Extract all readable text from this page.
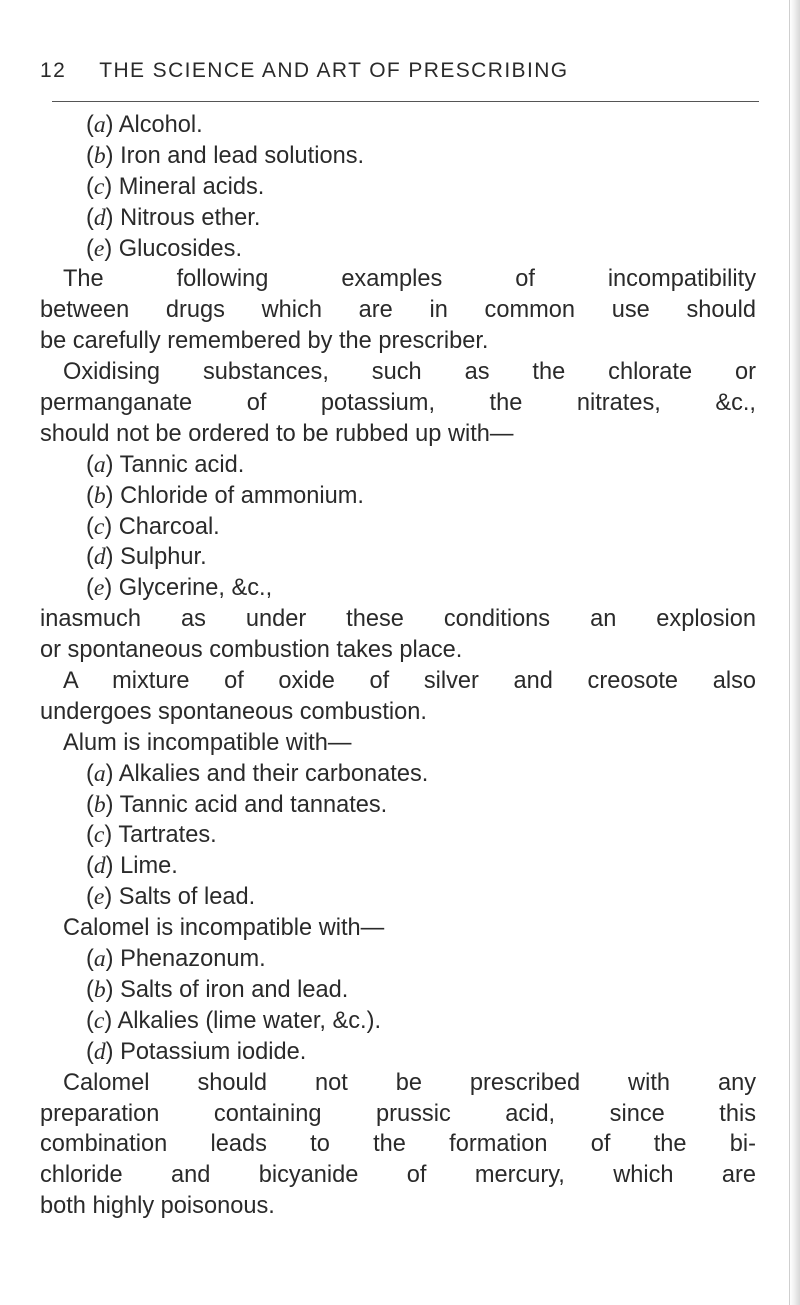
12 THE SCIENCE AND ART OF PRESCRIBING
(a) Alcohol.
(b) Iron and lead solutions.
(c) Mineral acids.
(d) Nitrous ether.
(e) Glucosides.
The following examples of incompatibility
between drugs which are in common use should
be carefully remembered by the prescriber.
Oxidising substances, such as the chlorate or
permanganate of potassium, the nitrates, &c.,
should not be ordered to be rubbed up with—
(a) Tannic acid.
(b) Chloride of ammonium.
(c) Charcoal.
(d) Sulphur.
(e) Glycerine, &c.,
inasmuch as under these conditions an explosion
or spontaneous combustion takes place.
A mixture of oxide of silver and creosote also
undergoes spontaneous combustion.
Alum is incompatible with—
(a) Alkalies and their carbonates.
(b) Tannic acid and tannates.
(c) Tartrates.
(d) Lime.
(e) Salts of lead.
Calomel is incompatible with—
(a) Phenazonum.
(b) Salts of iron and lead.
(c) Alkalies (lime water, &c.).
(d) Potassium iodide.
Calomel should not be prescribed with any
preparation containing prussic acid, since this
combination leads to the formation of the bi-
chloride and bicyanide of mercury, which are
both highly poisonous.
